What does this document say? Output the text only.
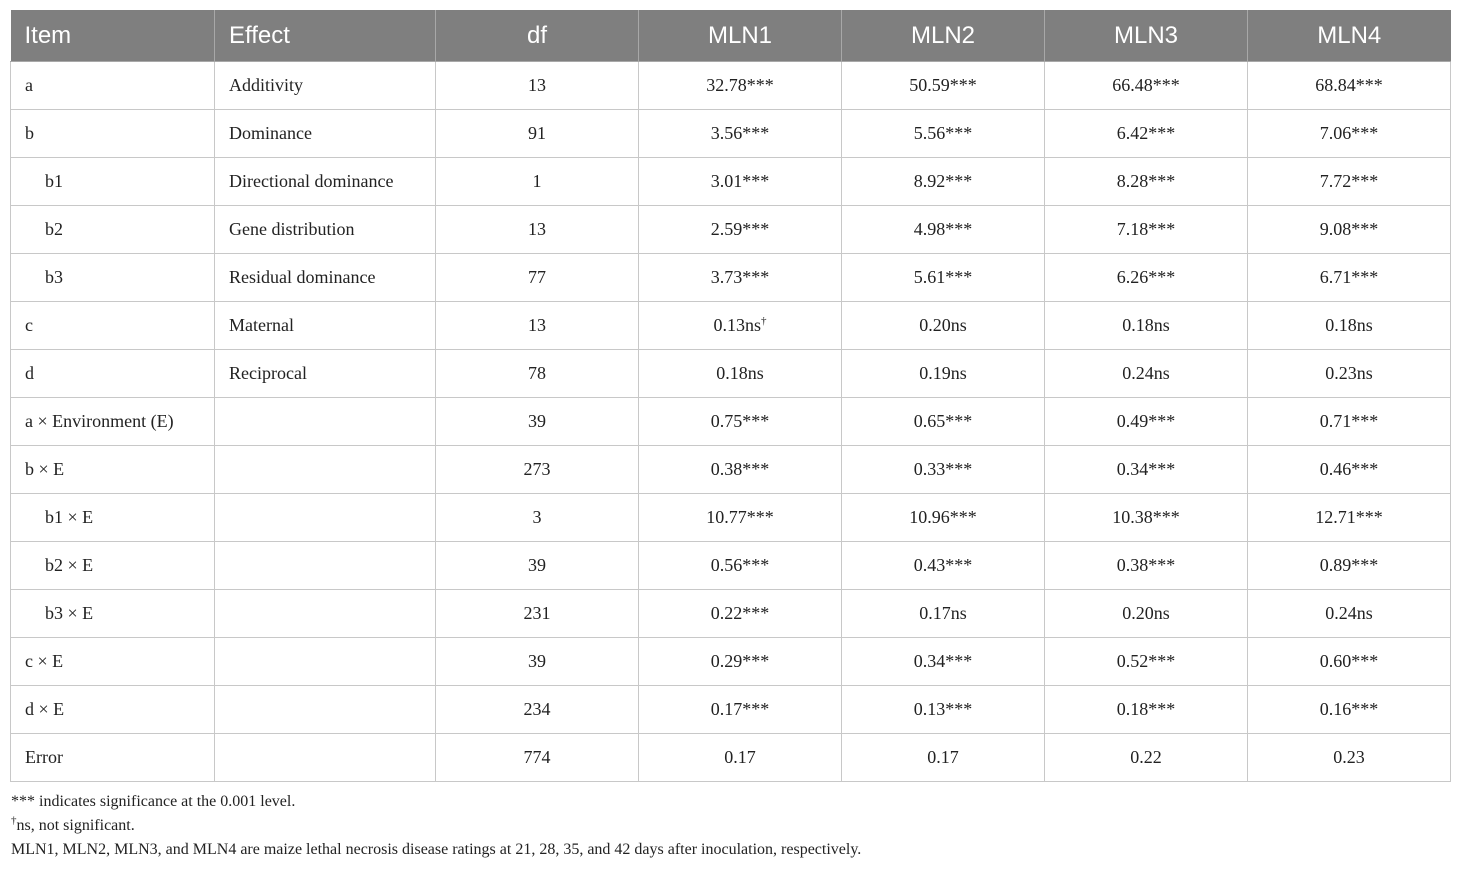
Item	Effect	df	MLN1	MLN2	MLN3	MLN4
a	Additivity	13	32.78***	50.59***	66.48***	68.84***
b	Dominance	91	3.56***	5.56***	6.42***	7.06***
b1	Directional dominance	1	3.01***	8.92***	8.28***	7.72***
b2	Gene distribution	13	2.59***	4.98***	7.18***	9.08***
b3	Residual dominance	77	3.73***	5.61***	6.26***	6.71***
c	Maternal	13	0.13ns†	0.20ns	0.18ns	0.18ns
d	Reciprocal	78	0.18ns	0.19ns	0.24ns	0.23ns
a × Environment (E)		39	0.75***	0.65***	0.49***	0.71***
b × E		273	0.38***	0.33***	0.34***	0.46***
b1 × E		3	10.77***	10.96***	10.38***	12.71***
b2 × E		39	0.56***	0.43***	0.38***	0.89***
b3 × E		231	0.22***	0.17ns	0.20ns	0.24ns
c × E		39	0.29***	0.34***	0.52***	0.60***
d × E		234	0.17***	0.13***	0.18***	0.16***
Error		774	0.17	0.17	0.22	0.23

*** indicates significance at the 0.001 level.

†ns, not significant.

MLN1, MLN2, MLN3, and MLN4 are maize lethal necrosis disease ratings at 21, 28, 35, and 42 days after inoculation, respectively.
